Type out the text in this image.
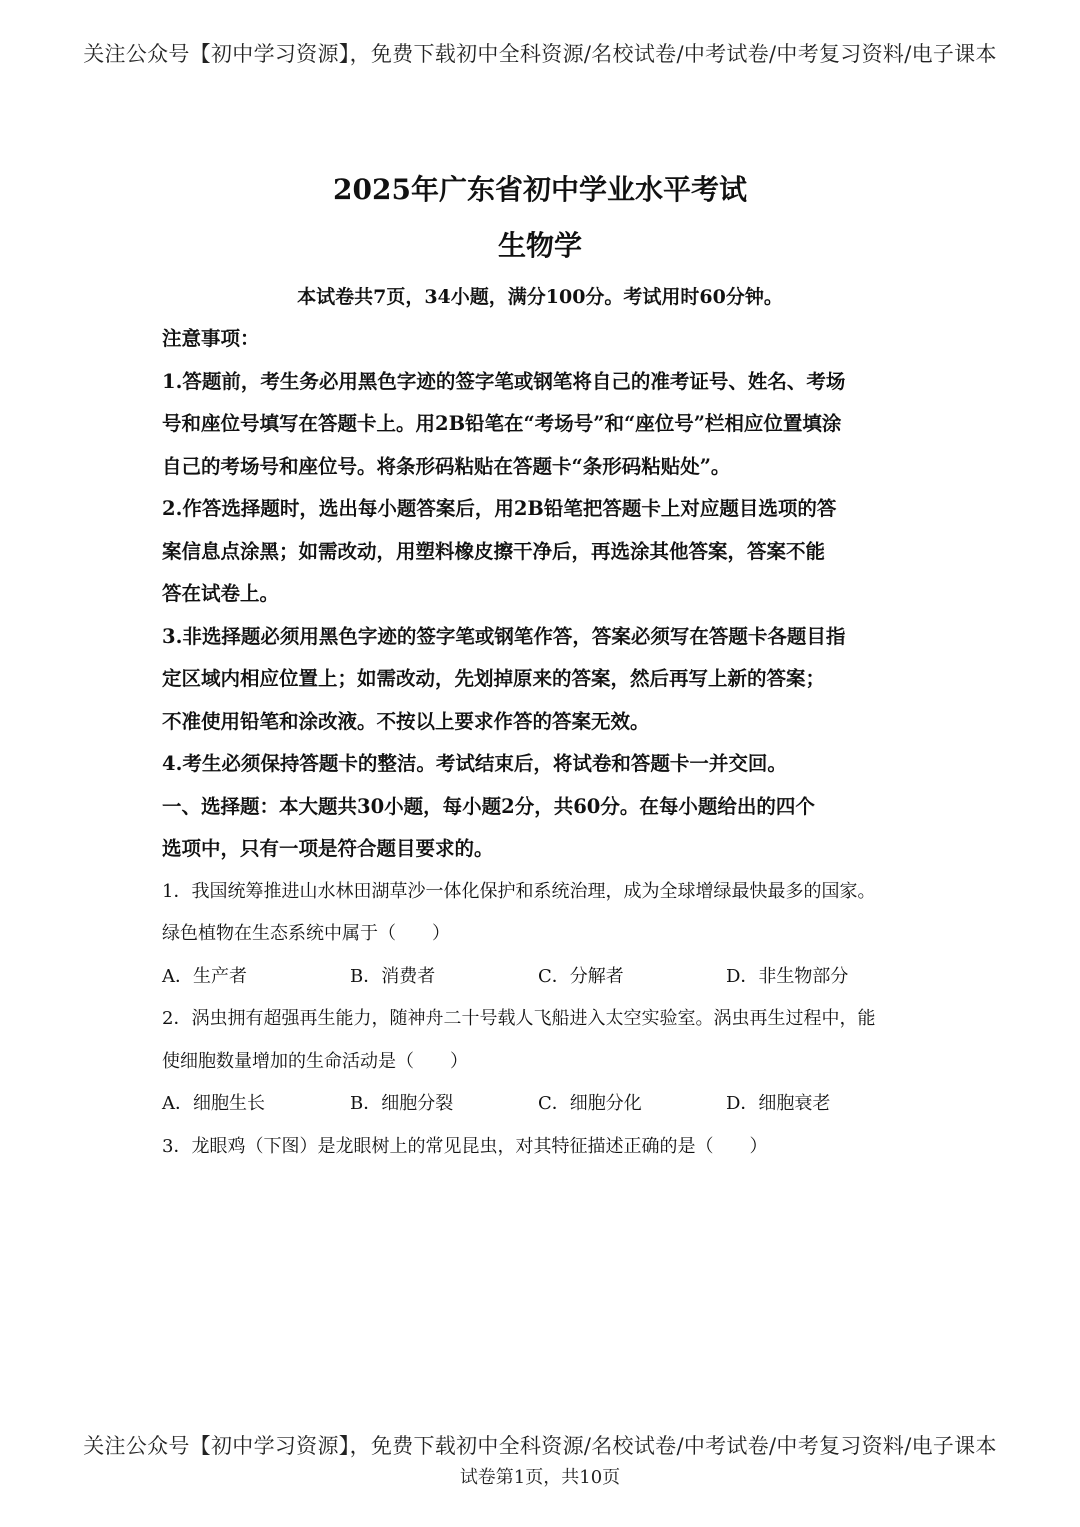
关注公众号【初中学习资源】，免费下载初中全科资源/名校试卷/中考试卷/中考复习资料/电子课本
2025年广东省初中学业水平考试
生物学
本试卷共7页，34小题，满分100分。考试用时60分钟。

注意事项：

1.答题前，考生务必用黑色字迹的签字笔或钢笔将自己的准考证号、姓名、考场

号和座位号填写在答题卡上。用2B铅笔在“考场号”和“座位号”栏相应位置填涂

自己的考场号和座位号。将条形码粘贴在答题卡“条形码粘贴处”。

2.作答选择题时，选出每小题答案后，用2B铅笔把答题卡上对应题目选项的答

案信息点涂黑；如需改动，用塑料橡皮擦干净后，再选涂其他答案，答案不能

答在试卷上。

3.非选择题必须用黑色字迹的签字笔或钢笔作答，答案必须写在答题卡各题目指

定区域内相应位置上；如需改动，先划掉原来的答案，然后再写上新的答案；

不准使用铅笔和涂改液。不按以上要求作答的答案无效。

4.考生必须保持答题卡的整洁。考试结束后，将试卷和答题卡一并交回。

一、选择题：本大题共30小题，每小题2分，共60分。在每小题给出的四个

选项中，只有一项是符合题目要求的。

1．我国统筹推进山水林田湖草沙一体化保护和系统治理，成为全球增绿最快最多的国家。

绿色植物在生态系统中属于（　　）

A．生产者	B．消费者	C．分解者	D．非生物部分

2．涡虫拥有超强再生能力，随神舟二十号载人飞船进入太空实验室。涡虫再生过程中，能

使细胞数量增加的生命活动是（　　）

A．细胞生长	B．细胞分裂	C．细胞分化	D．细胞衰老

3．龙眼鸡（下图）是龙眼树上的常见昆虫，对其特征描述正确的是（　　）

关注公众号【初中学习资源】，免费下载初中全科资源/名校试卷/中考试卷/中考复习资料/电子课本
试卷第1页，共10页
